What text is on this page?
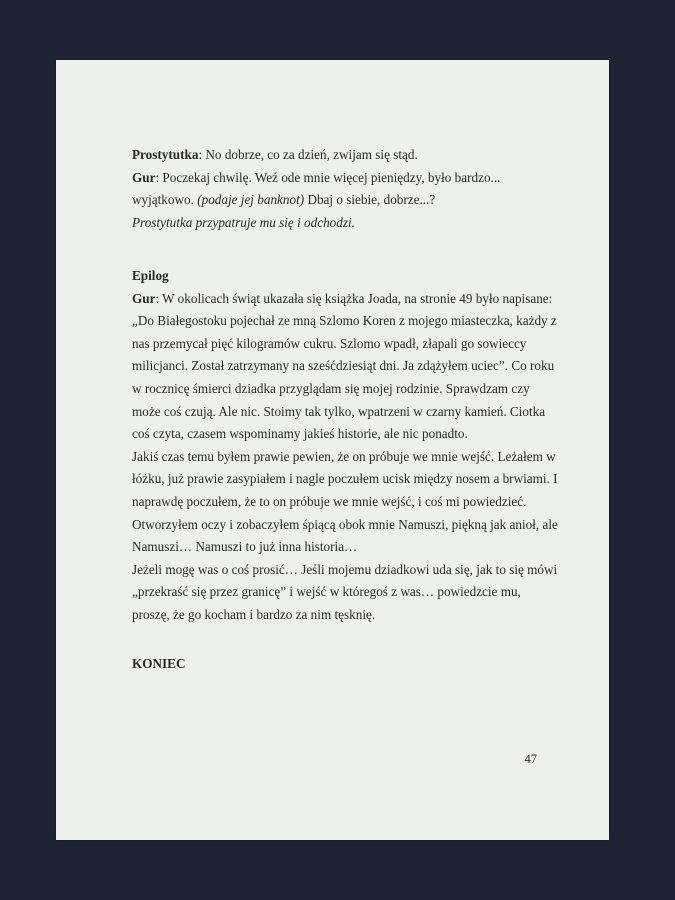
Prostytutka: No dobrze, co za dzień, zwijam się stąd.
Gur: Poczekaj chwilę. Weź ode mnie więcej pieniędzy, było bardzo...
wyjątkowo. (podaje jej banknot) Dbaj o siebie, dobrze...?
Prostytutka przypatruje mu się i odchodzi.
Epilog
Gur: W okolicach świąt ukazała się książka Joada, na stronie 49 było napisane:
„Do Białegostoku pojechał ze mną Szlomo Koren z mojego miasteczka, każdy z
nas przemycał pięć kilogramów cukru. Szlomo wpadł, złapali go sowieccy
milicjanci. Został zatrzymany na sześćdziesiąt dni. Ja zdążyłem uciec”. Co roku
w rocznicę śmierci dziadka przyglądam się mojej rodzinie. Sprawdzam czy
może coś czują. Ale nic. Stoimy tak tylko, wpatrzeni w czarny kamień. Ciotka
coś czyta, czasem wspominamy jakieś historie, ale nic ponadto.
Jakiś czas temu byłem prawie pewien, że on próbuje we mnie wejść. Leżałem w
łóżku, już prawie zasypiałem i nagle poczułem ucisk między nosem a brwiami. I
naprawdę poczułem, że to on próbuje we mnie wejść, i coś mi powiedzieć.
Otworzyłem oczy i zobaczyłem śpiącą obok mnie Namuszi, piękną jak anioł, ale
Namuszi… Namuszi to już inna historia…
Jeżeli mogę was o coś prosić… Jeśli mojemu dziadkowi uda się, jak to się mówi
„przekraść się przez granicę” i wejść w któregoś z was… powiedzcie mu,
proszę, że go kocham i bardzo za nim tęsknię.
KONIEC
47
